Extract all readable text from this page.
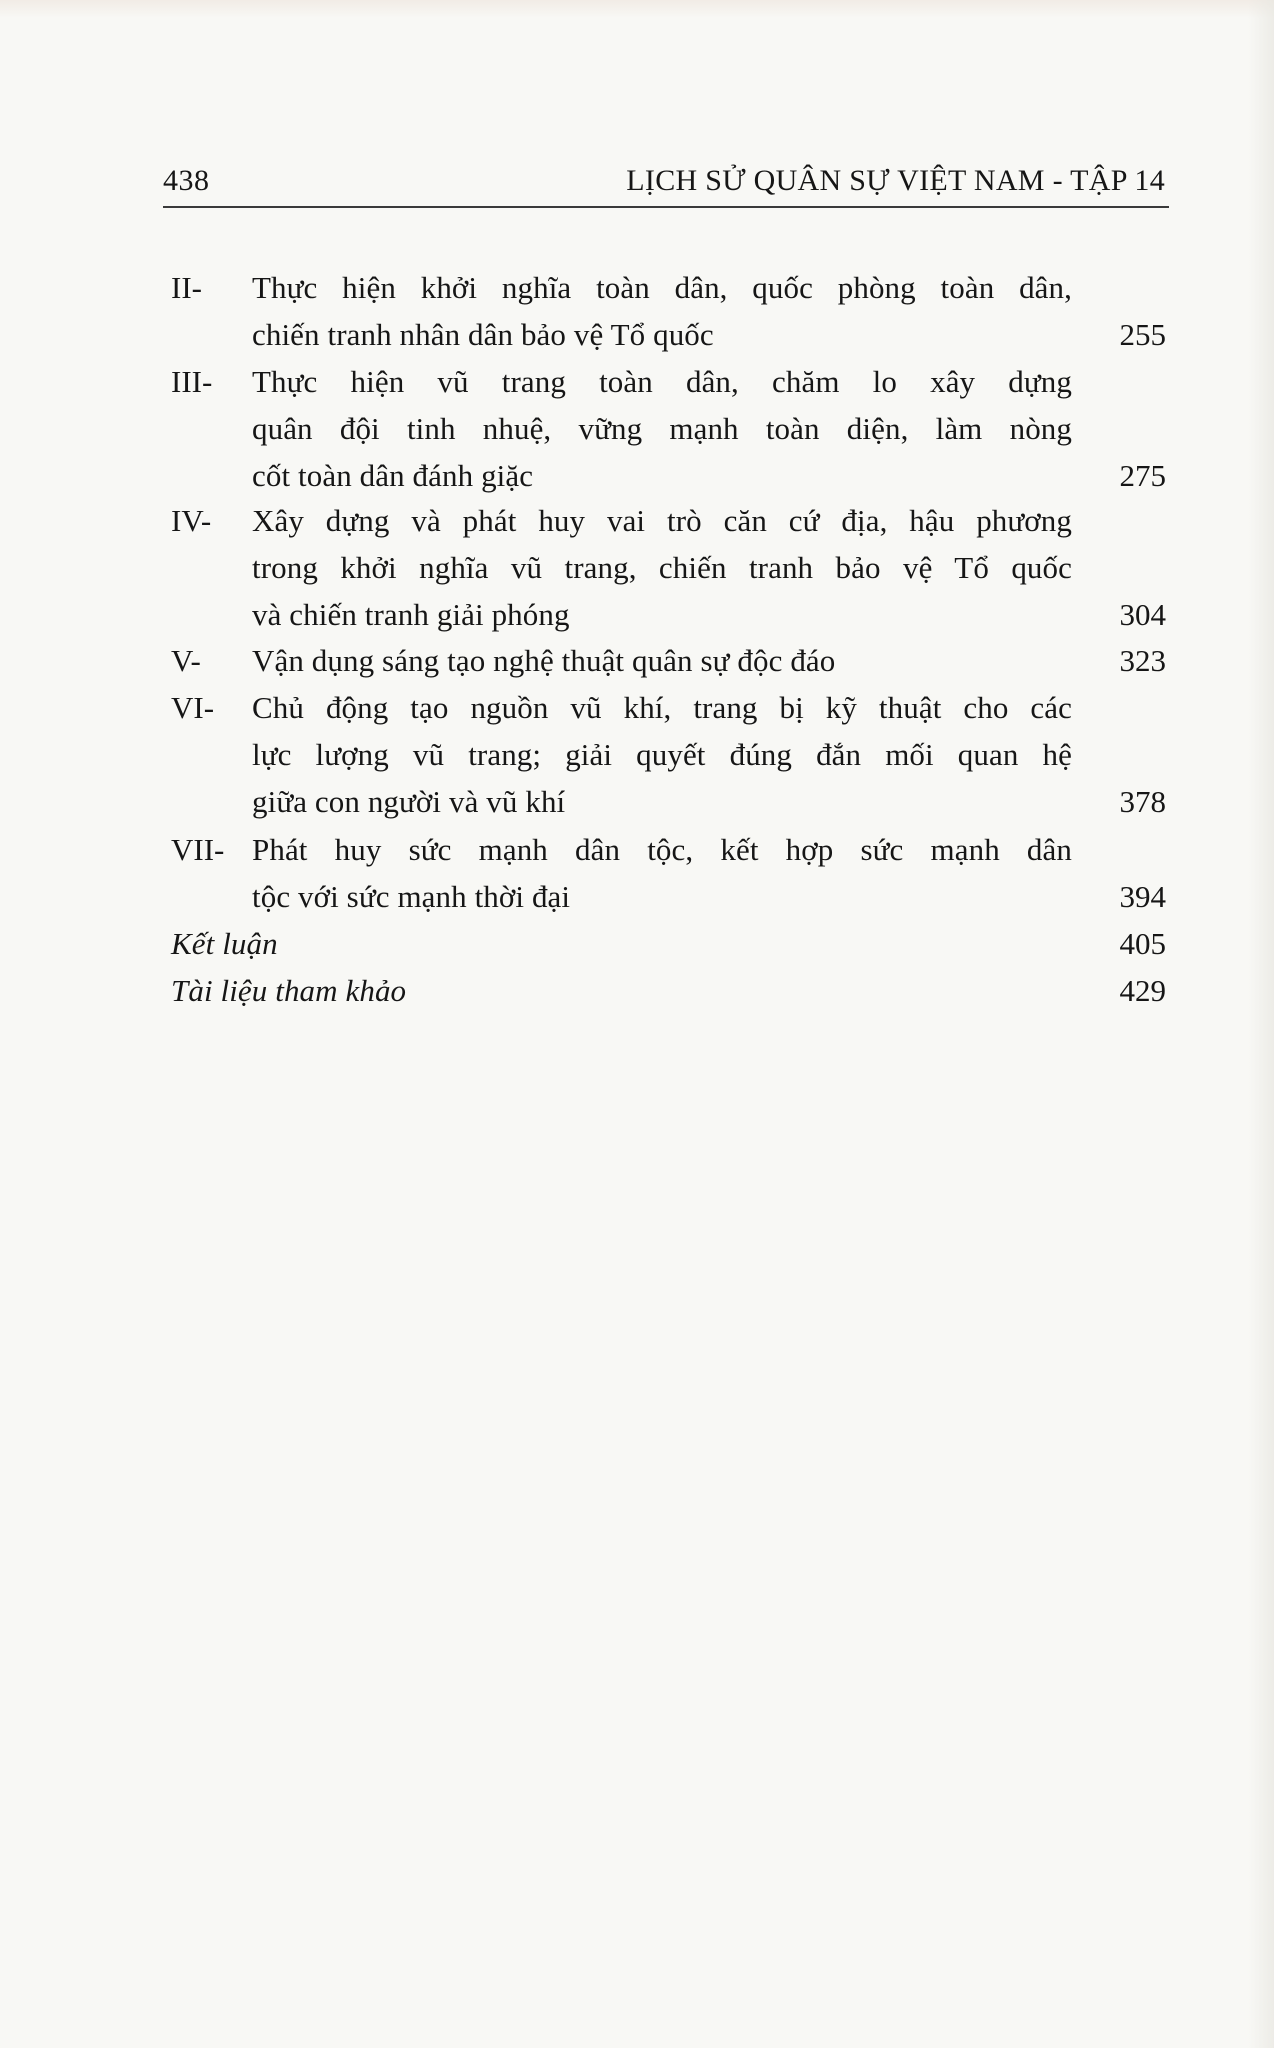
438	LỊCH SỬ QUÂN SỰ VIỆT NAM - TẬP 14
II- Thực hiện khởi nghĩa toàn dân, quốc phòng toàn dân,
chiến tranh nhân dân bảo vệ Tổ quốc	255
III- Thực hiện vũ trang toàn dân, chăm lo xây dựng
quân đội tinh nhuệ, vững mạnh toàn diện, làm nòng
cốt toàn dân đánh giặc	275
IV- Xây dựng và phát huy vai trò căn cứ địa, hậu phương
trong khởi nghĩa vũ trang, chiến tranh bảo vệ Tổ quốc
và chiến tranh giải phóng	304
V- Vận dụng sáng tạo nghệ thuật quân sự độc đáo	323
VI- Chủ động tạo nguồn vũ khí, trang bị kỹ thuật cho các
lực lượng vũ trang; giải quyết đúng đắn mối quan hệ
giữa con người và vũ khí	378
VII- Phát huy sức mạnh dân tộc, kết hợp sức mạnh dân
tộc với sức mạnh thời đại	394
Kết luận	405
Tài liệu tham khảo	429
